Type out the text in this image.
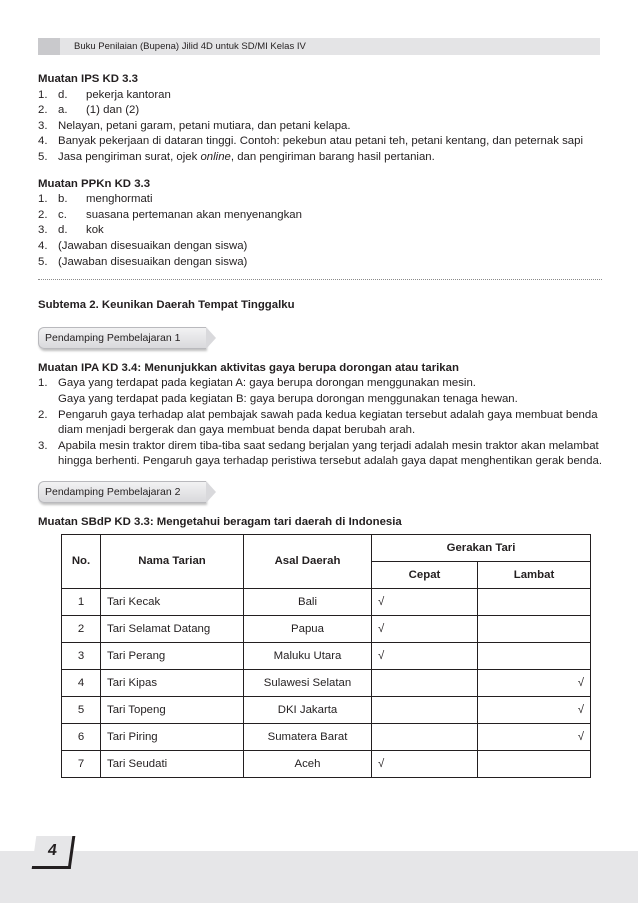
Buku Penilaian (Bupena) Jilid 4D untuk SD/MI Kelas IV

Muatan IPS KD 3.3

1. d.	pekerja kantoran
2. a.	(1) dan (2)
3. Nelayan, petani garam, petani mutiara, dan petani kelapa.
4. Banyak pekerjaan di dataran tinggi. Contoh: pekebun atau petani teh, petani kentang, dan peternak sapi
5. Jasa pengiriman surat, ojek online, dan pengiriman barang hasil pertanian.

Muatan PPKn KD 3.3

1. b.	menghormati
2. c.	suasana pertemanan akan menyenangkan
3. d.	kok
4. (Jawaban disesuaikan dengan siswa)
5. (Jawaban disesuaikan dengan siswa)

Subtema 2. Keunikan Daerah Tempat Tinggalku

Pendamping Pembelajaran 1

Muatan IPA KD 3.4: Menunjukkan aktivitas gaya berupa dorongan atau tarikan

1. Gaya yang terdapat pada kegiatan A: gaya berupa dorongan menggunakan mesin.
Gaya yang terdapat pada kegiatan B: gaya berupa dorongan menggunakan tenaga hewan.
2. Pengaruh gaya terhadap alat pembajak sawah pada kedua kegiatan tersebut adalah gaya membuat benda diam menjadi bergerak dan gaya membuat benda dapat berubah arah.
3. Apabila mesin traktor direm tiba-tiba saat sedang berjalan yang terjadi adalah mesin traktor akan melambat hingga berhenti. Pengaruh gaya terhadap peristiwa tersebut adalah gaya dapat menghentikan gerak benda.
Pendamping Pembelajaran 2

Muatan SBdP KD 3.3: Mengetahui beragam tari daerah di Indonesia

No.	Nama Tarian	Asal Daerah	Gerakan Tari	
			Cepat	Lambat
1	Tari Kecak	Bali	√	
2	Tari Selamat Datang	Papua	√	
3	Tari Perang	Maluku Utara	√	
4	Tari Kipas	Sulawesi Selatan		√
5	Tari Topeng	DKI Jakarta		√
6	Tari Piring	Sumatera Barat		√
7	Tari Seudati	Aceh	√	
4
